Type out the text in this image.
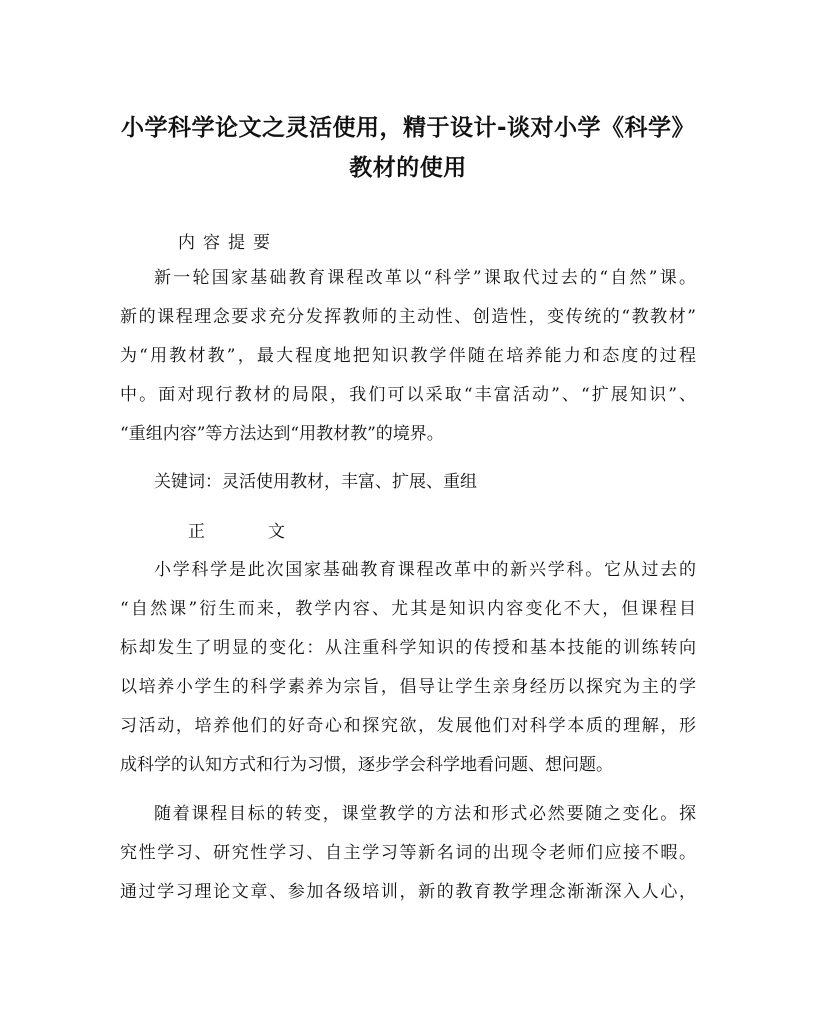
小学科学论文之灵活使用，精于设计-谈对小学《科学》
教材的使用
内容提要
新一轮国家基础教育课程改革以“科学”课取代过去的“自然”课。
新的课程理念要求充分发挥教师的主动性、创造性，变传统的“教教材”
为“用教材教”，最大程度地把知识教学伴随在培养能力和态度的过程
中。面对现行教材的局限，我们可以采取“丰富活动”、“扩展知识”、
“重组内容”等方法达到“用教材教”的境界。
关键词：灵活使用教材，丰富、扩展、重组
正	文
小学科学是此次国家基础教育课程改革中的新兴学科。它从过去的
“自然课”衍生而来，教学内容、尤其是知识内容变化不大，但课程目
标却发生了明显的变化：从注重科学知识的传授和基本技能的训练转向
以培养小学生的科学素养为宗旨，倡导让学生亲身经历以探究为主的学
习活动，培养他们的好奇心和探究欲，发展他们对科学本质的理解，形
成科学的认知方式和行为习惯，逐步学会科学地看问题、想问题。
随着课程目标的转变，课堂教学的方法和形式必然要随之变化。探
究性学习、研究性学习、自主学习等新名词的出现令老师们应接不暇。
通过学习理论文章、参加各级培训，新的教育教学理念渐渐深入人心，
